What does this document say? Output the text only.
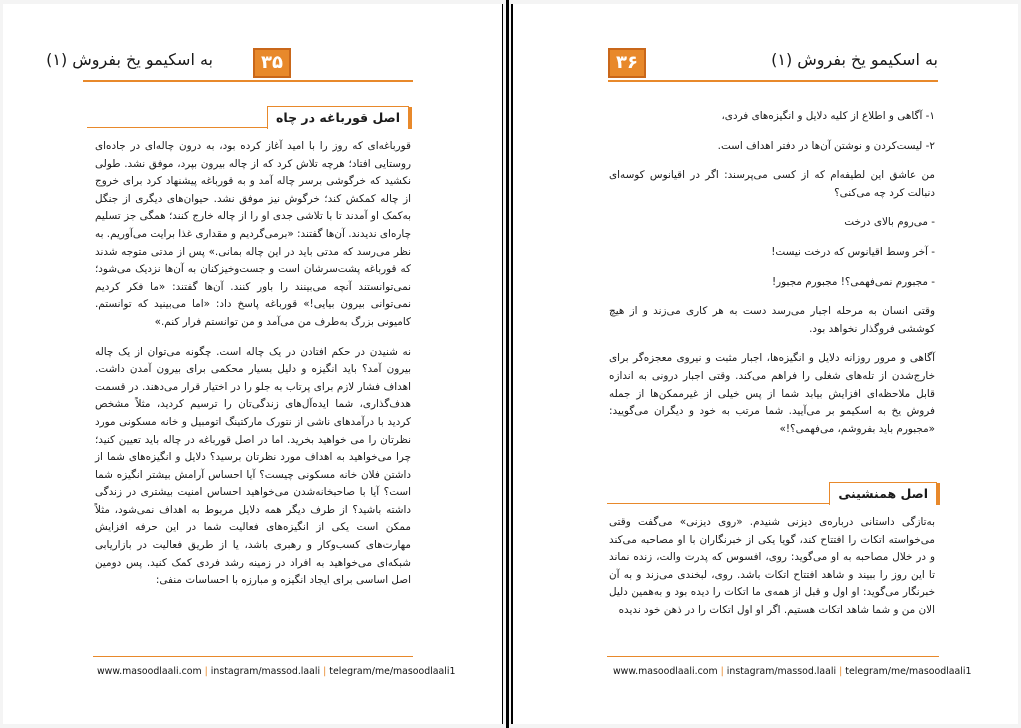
به اسکیمو یخ بفروش (۱)	۳۵
اصل قورباغه در چاه

قورباغه‌ای که روز را با امید آغاز کرده بود، به درون چاله‌ای در جاده‌ای روستایی افتاد؛ هرچه تلاش کرد که از چاله بیرون بپرد، موفق نشد. طولی نکشید که خرگوشی برسر چاله آمد و به قورباغه پیشنهاد کرد برای خروج از چاله کمکش کند؛ خرگوش نیز موفق نشد. حیوان‌های دیگری از جنگل به‌کمک او آمدند تا با تلاشی جدی او را از چاله خارج کنند؛ همگی جز تسلیم چاره‌ای ندیدند. آن‌ها گفتند: «برمی‌گردیم و مقداری غذا برایت می‌آوریم. به نظر می‌رسد که مدتی باید در این چاله بمانی.» پس از مدتی متوجه شدند که قورباغه پشت‌سرشان است و جست‌وخیزکنان به آن‌ها نزدیک می‌شود؛ نمی‌توانستند آنچه می‌بینند را باور کنند. آن‌ها گفتند: «ما فکر کردیم نمی‌توانی بیرون بیایی!» قورباغه پاسخ داد: «اما می‌بینید که توانستم. کامیونی بزرگ به‌طرف من می‌آمد و من توانستم فرار کنم.»

نه شنیدن در حکم افتادن در یک چاله است. چگونه می‌توان از یک چاله بیرون آمد؟ باید انگیزه و دلیل بسیار محکمی برای بیرون آمدن داشت. اهداف فشار لازم برای پرتاب به جلو را در اختیار قرار می‌دهند. در قسمت هدف‌گذاری، شما ایده‌آل‌های زندگی‌تان را ترسیم کردید، مثلاً مشخص کردید با درآمدهای ناشی از نتورک مارکتینگ اتومبیل و خانه مسکونی مورد نظرتان را می خواهید بخرید. اما در اصل قورباغه در چاله باید تعیین کنید؛ چرا می‌خواهید به اهداف مورد نظرتان برسید؟ دلایل و انگیزه‌های شما از داشتن فلان خانه مسکونی چیست؟ آیا احساس آرامش بیشتر انگیزه شما است؟ آیا با صاحبخانه‌شدن می‌خواهید احساس امنیت بیشتری در زندگی داشته باشید؟ از طرف دیگر همه دلایل مربوط به اهداف نمی‌شود، مثلاً ممکن است یکی از انگیزه‌های فعالیت شما در این حرفه افزایش مهارت‌های کسب‌وکار و رهبری باشد، یا از طریق فعالیت در بازاریابی شبکه‌ای می‌خواهید به افراد در زمینه رشد فردی کمک کنید. پس دومین اصل اساسی برای ایجاد انگیزه و مبارزه با احساسات منفی:

www.masoodlaali.com | instagram/massod.laali | telegram/me/masoodlaali1
۳۶	به اسکیمو یخ بفروش (۱)

۱- آگاهی و اطلاع از کلیه دلایل و انگیزه‌های فردی،

۲- لیست‌کردن و نوشتن آن‌ها در دفتر اهداف است.

من عاشق این لطیفه‌ام که از کسی می‌پرسند: اگر در اقیانوس کوسه‌ای دنبالت کرد چه می‌کنی؟

- می‌روم بالای درخت

- آخر وسط اقیانوس که درخت نیست!

- مجبورم نمی‌فهمی؟! مجبورم مجبور!

وقتی انسان به مرحله اجبار می‌رسد دست به هر کاری می‌زند و از هیچ کوششی فروگذار نخواهد بود.

آگاهی و مرور روزانه دلایل و انگیزه‌ها، اجبار مثبت و نیروی معجزه‌گر برای خارج‌شدن از تله‌های شغلی را فراهم می‌کند. وقتی اجبار درونی به اندازه قابل ملاحظه‌ای افزایش بیابد شما از پس خیلی از غیرممکن‌ها از جمله فروش یخ به اسکیمو بر می‌آیید. شما مرتب به خود و دیگران می‌گویید: «مجبورم باید بفروشم، می‌فهمی؟!»

اصل همنشینی

به‌تازگی داستانی درباره‌ی دیزنی شنیدم. «روی دیزنی» می‌گفت وقتی می‌خواسته اتکات را افتتاح کند، گویا یکی از خبرنگاران با او مصاحبه می‌کند و در خلال مصاحبه به او می‌گوید: روی، افسوس که پدرت والت، زنده نماند تا این روز را ببیند و شاهد افتتاح اتکات باشد. روی، لبخندی می‌زند و به آن خبرنگار می‌گوید: او اول و قبل از همه‌ی ما اتکات را دیده بود و به‌همین دلیل الان من و شما شاهد اتکات هستیم. اگر او اول اتکات را در ذهن خود ندیده

www.masoodlaali.com | instagram/massod.laali | telegram/me/masoodlaali1
